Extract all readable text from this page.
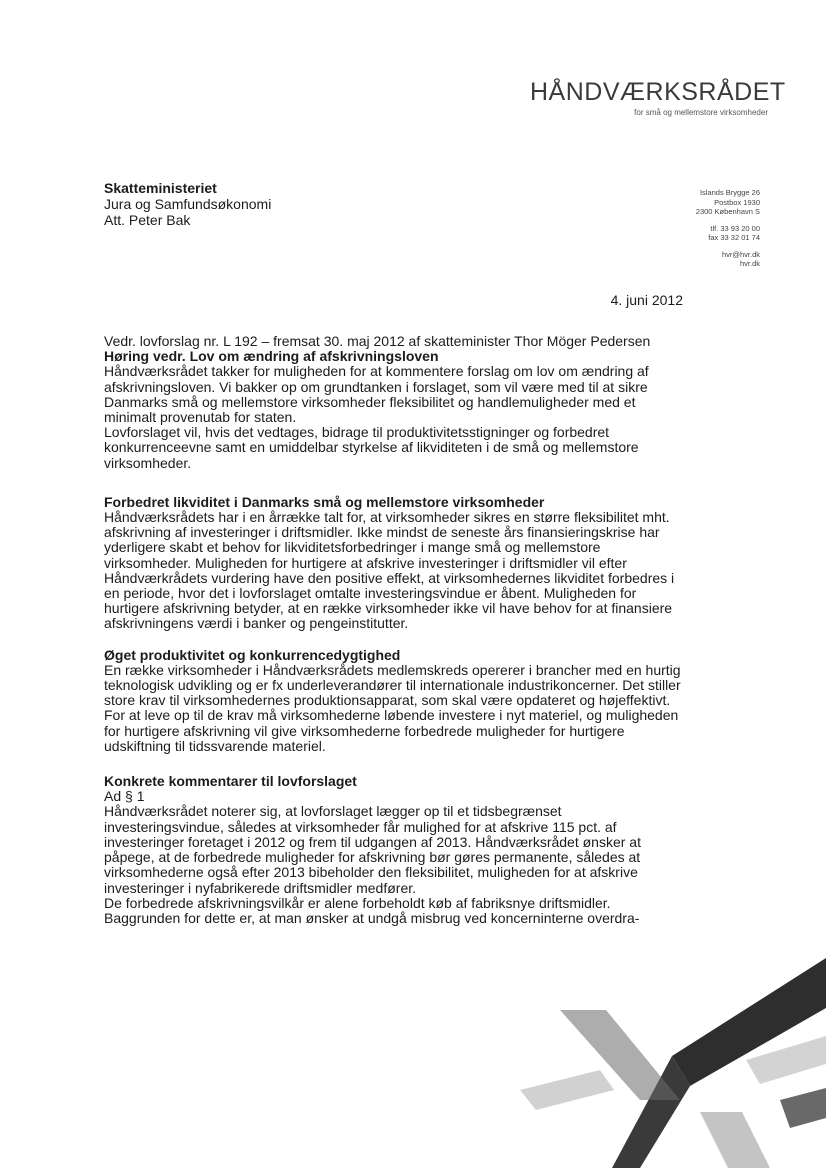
HÅNDVÆRKSRÅDET
for små og mellemstore virksomheder
Skatteministeriet
Jura og Samfundsøkonomi
Att. Peter Bak
Islands Brygge 26
Postbox 1930
2300 København S
tlf. 33 93 20 00
fax 33 32 01 74
hvr@hvr.dk
hvr.dk
4. juni 2012

Vedr. lovforslag nr. L 192 – fremsat 30. maj 2012 af skatteminister Thor Möger Pedersen

Høring vedr. Lov om ændring af afskrivningsloven

Håndværksrådet takker for muligheden for at kommentere forslag om lov om ændring af afskrivningsloven. Vi bakker op om grundtanken i forslaget, som vil være med til at sikre Danmarks små og mellemstore virksomheder fleksibilitet og handlemuligheder med et minimalt provenutab for staten.

Lovforslaget vil, hvis det vedtages, bidrage til produktivitetsstigninger og forbedret konkurrenceevne samt en umiddelbar styrkelse af likviditeten i de små og mellemstore virksomheder.

Forbedret likviditet i Danmarks små og mellemstore virksomheder

Håndværksrådets har i en årrække talt for, at virksomheder sikres en større fleksibilitet mht. afskrivning af investeringer i driftsmidler. Ikke mindst de seneste års finansieringskrise har yderligere skabt et behov for likviditetsforbedringer i mange små og mellemstore virksomheder. Muligheden for hurtigere at afskrive investeringer i driftsmidler vil efter Håndværkrådets vurdering have den positive effekt, at virksomhedernes likviditet forbedres i en periode, hvor det i lovforslaget omtalte investeringsvindue er åbent. Muligheden for hurtigere afskrivning betyder, at en række virksomheder ikke vil have behov for at finansiere afskrivningens værdi i banker og pengeinstitutter.

Øget produktivitet og konkurrencedygtighed

En række virksomheder i Håndværksrådets medlemskreds opererer i brancher med en hurtig teknologisk udvikling og er fx underleverandører til internationale industrikoncerner. Det stiller store krav til virksomhedernes produktionsapparat, som skal være opdateret og højeffektivt. For at leve op til de krav må virksomhederne løbende investere i nyt materiel, og muligheden for hurtigere afskrivning vil give virksomhederne forbedrede muligheder for hurtigere udskiftning til tidssvarende materiel.

Konkrete kommentarer til lovforslaget

Ad § 1

Håndværksrådet noterer sig, at lovforslaget lægger op til et tidsbegrænset investeringsvindue, således at virksomheder får mulighed for at afskrive 115 pct. af investeringer foretaget i 2012 og frem til udgangen af 2013. Håndværksrådet ønsker at påpege, at de forbedrede muligheder for afskrivning bør gøres permanente, således at virksomhederne også efter 2013 bibeholder den fleksibilitet, muligheden for at afskrive investeringer i nyfabrikerede driftsmidler medfører.

De forbedrede afskrivningsvilkår er alene forbeholdt køb af fabriksnye driftsmidler. Baggrunden for dette er, at man ønsker at undgå misbrug ved koncerninterne overdra-
